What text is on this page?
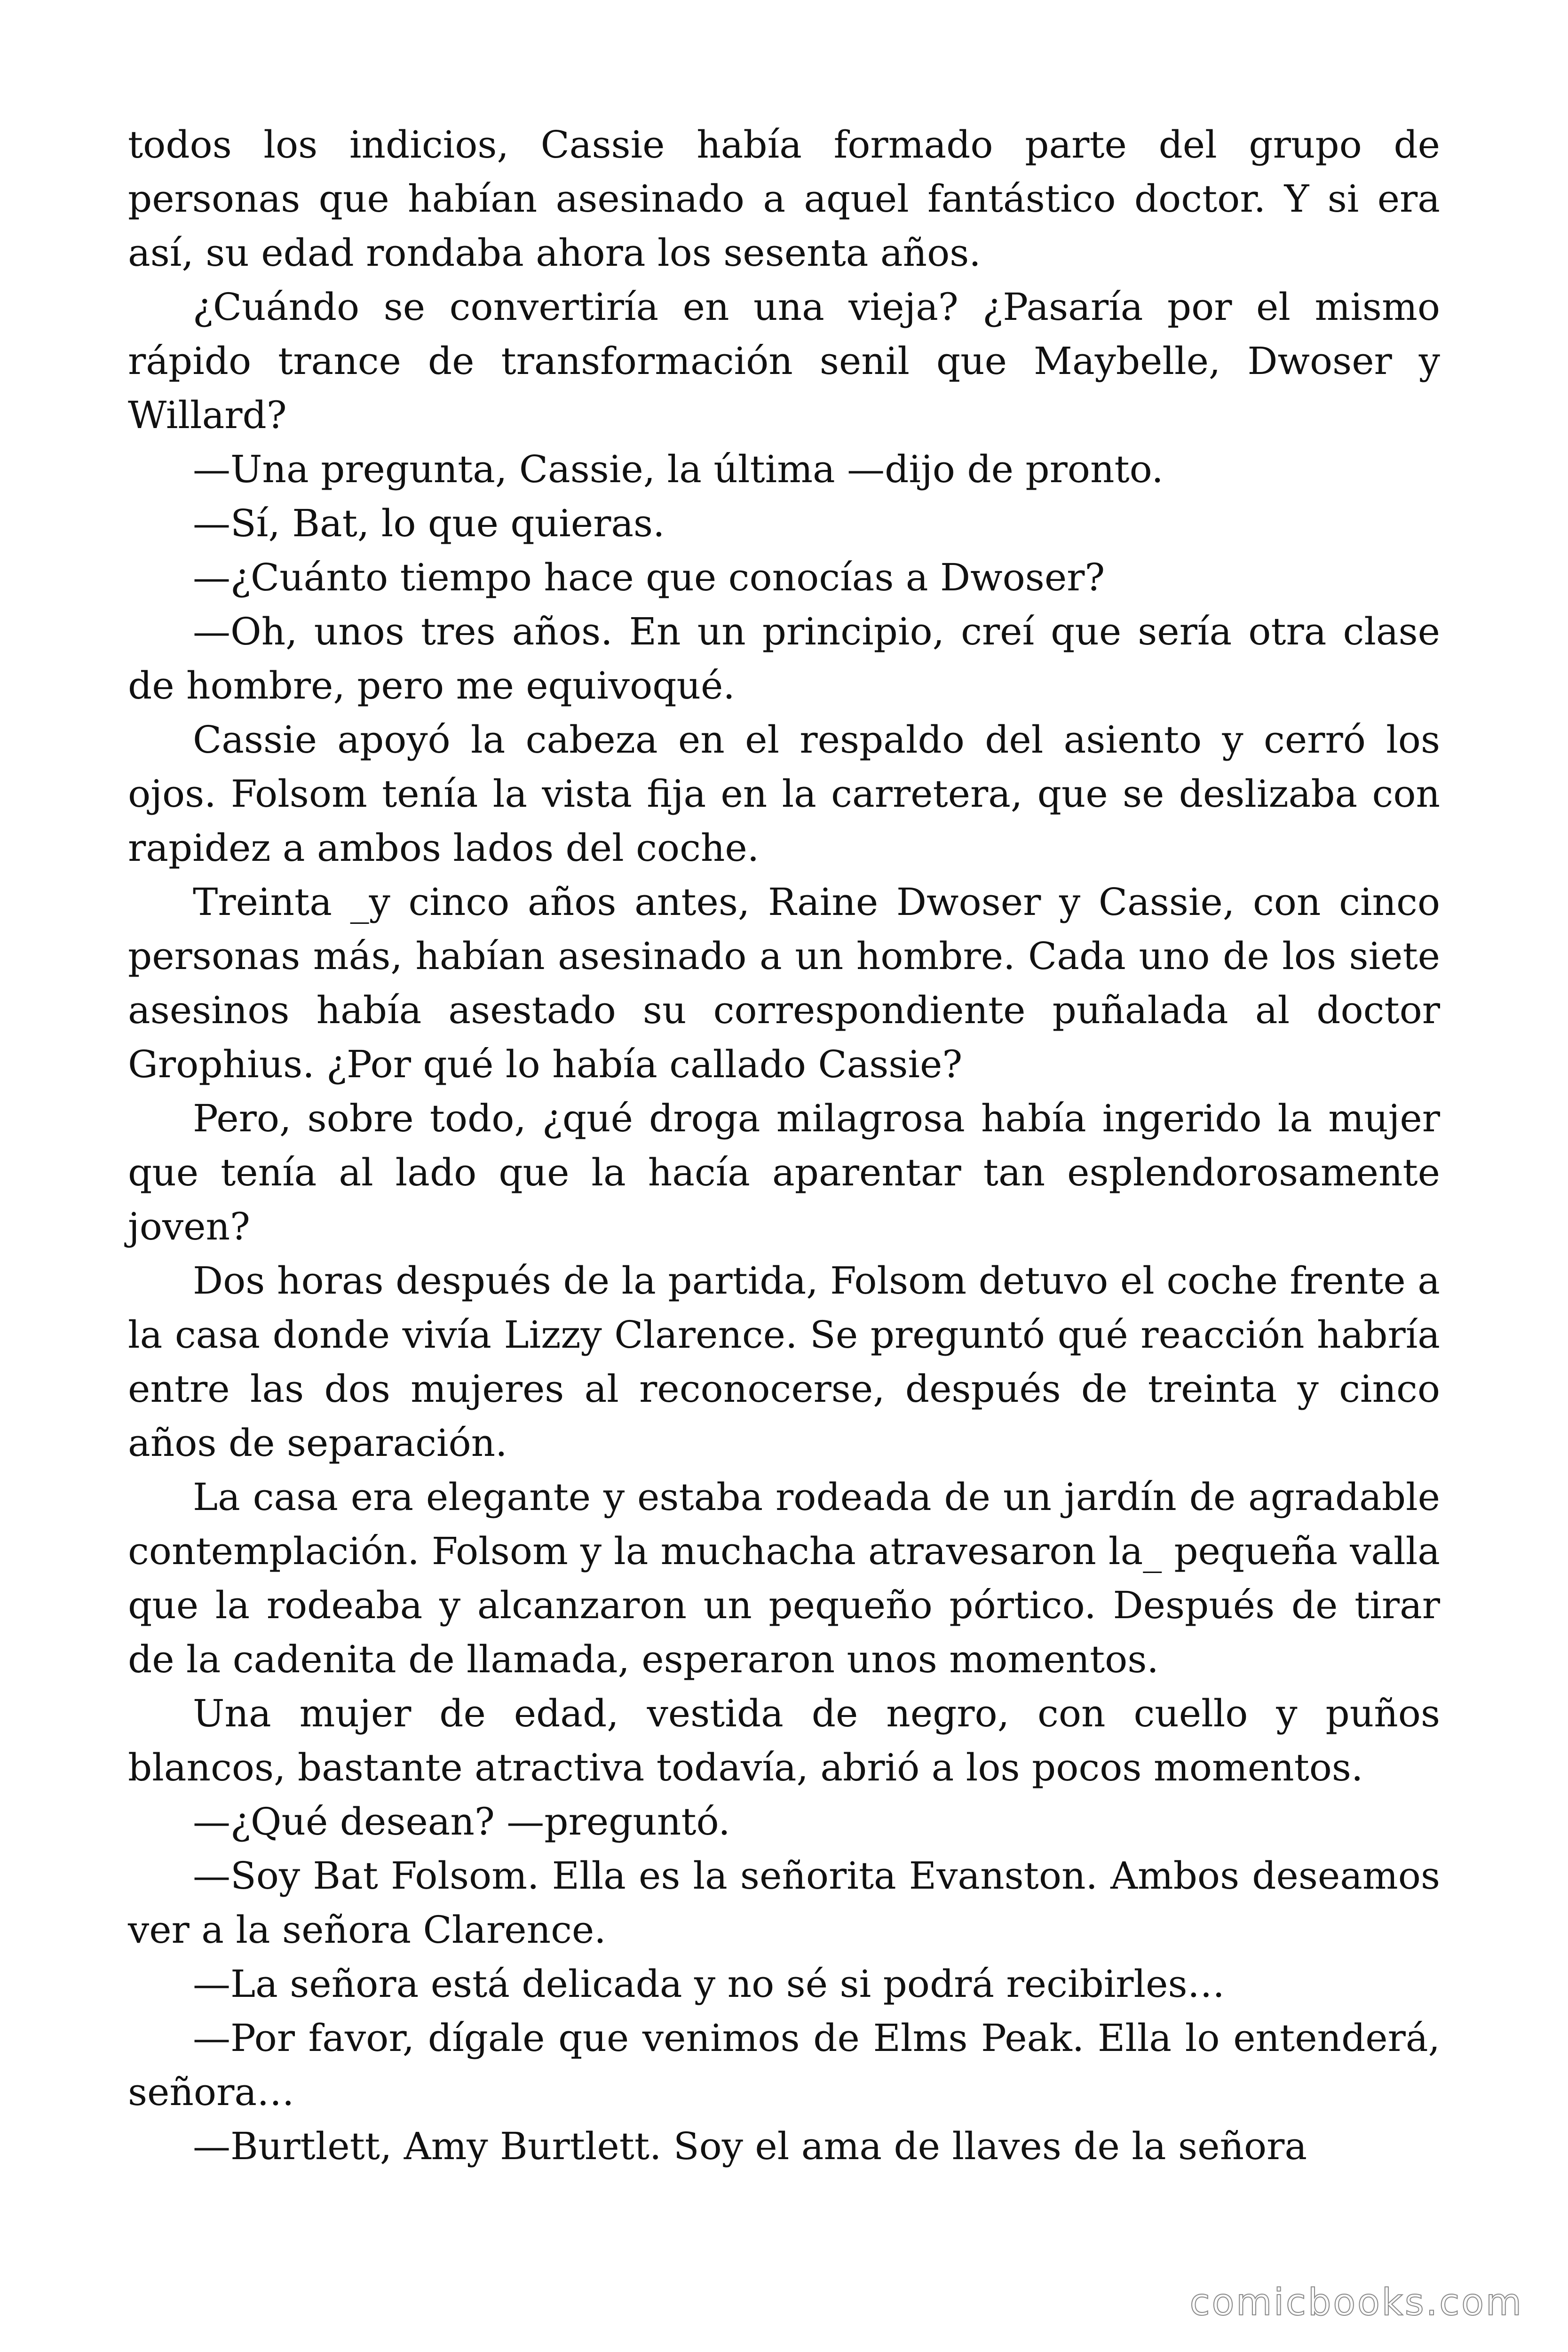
todos los indicios, Cassie había formado parte del grupo de personas que habían asesinado a aquel fantástico doctor. Y si era así, su edad rondaba ahora los sesenta años.

¿Cuándo se convertiría en una vieja? ¿Pasaría por el mismo rápido trance de transformación senil que Maybelle, Dwoser y Willard?

—Una pregunta, Cassie, la última —dijo de pronto.

—Sí, Bat, lo que quieras.

—¿Cuánto tiempo hace que conocías a Dwoser?

—Oh, unos tres años. En un principio, creí que sería otra clase de hombre, pero me equivoqué.

Cassie apoyó la cabeza en el respaldo del asiento y cerró los ojos. Folsom tenía la vista fija en la carretera, que se deslizaba con rapidez a ambos lados del coche.

Treinta _y cinco años antes, Raine Dwoser y Cassie, con cinco personas más, habían asesinado a un hombre. Cada uno de los siete asesinos había asestado su correspondiente puñalada al doctor Grophius. ¿Por qué lo había callado Cassie?

Pero, sobre todo, ¿qué droga milagrosa había ingerido la mujer que tenía al lado que la hacía aparentar tan esplendorosamente joven?

Dos horas después de la partida, Folsom detuvo el coche frente a la casa donde vivía Lizzy Clarence. Se preguntó qué reacción habría entre las dos mujeres al reconocerse, después de treinta y cinco años de separación.

La casa era elegante y estaba rodeada de un jardín de agradable contemplación. Folsom y la muchacha atravesaron la_ pequeña valla que la rodeaba y alcanzaron un pequeño pórtico. Después de tirar de la cadenita de llamada, esperaron unos momentos.

Una mujer de edad, vestida de negro, con cuello y puños blancos, bastante atractiva todavía, abrió a los pocos momentos.

—¿Qué desean? —preguntó.

—Soy Bat Folsom. Ella es la señorita Evanston. Ambos deseamos ver a la señora Clarence.

—La señora está delicada y no sé si podrá recibirles…

—Por favor, dígale que venimos de Elms Peak. Ella lo entenderá, señora…

—Burtlett, Amy Burtlett. Soy el ama de llaves de la señora

comicbooks.com
